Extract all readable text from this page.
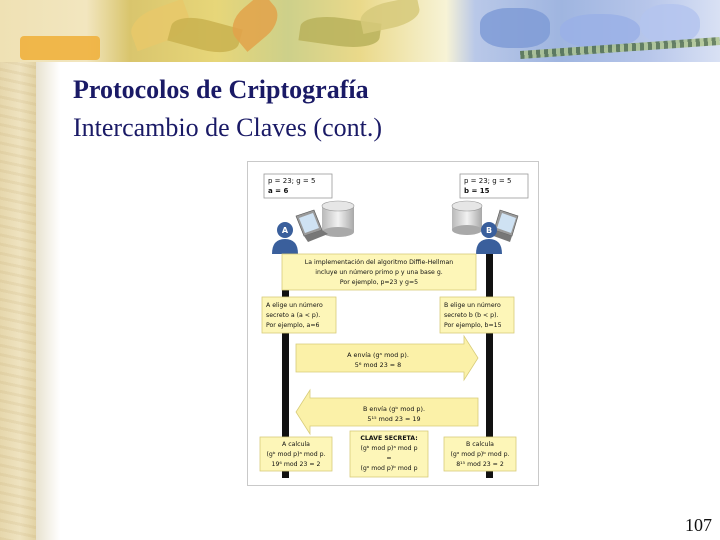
Protocolos de Criptografía
Intercambio de Claves (cont.)
p = 23; g = 5
a = 6
p = 23; g = 5
b = 15
A	B
La implementación del algoritmo Diffie-Hellman
incluye un número primo p y una base g.
Por ejemplo, p=23 y g=5
A elige un número
secreto a (a < p).
Por ejemplo, a=6
B elige un número
secreto b (b < p).
Por ejemplo, b=15
A envía (gᵃ mod p).
5⁶ mod 23 = 8
B envía (gᵇ mod p).
5¹⁵ mod 23 = 19
A calcula
(gᵇ mod p)ᵃ mod p.
19⁶ mod 23 = 2
CLAVE SECRETA:
(gᵇ mod p)ᵃ mod p
=
(gᵃ mod p)ᵇ mod p
B calcula
(gᵃ mod p)ᵇ mod p.
8¹⁵ mod 23 = 2
107
